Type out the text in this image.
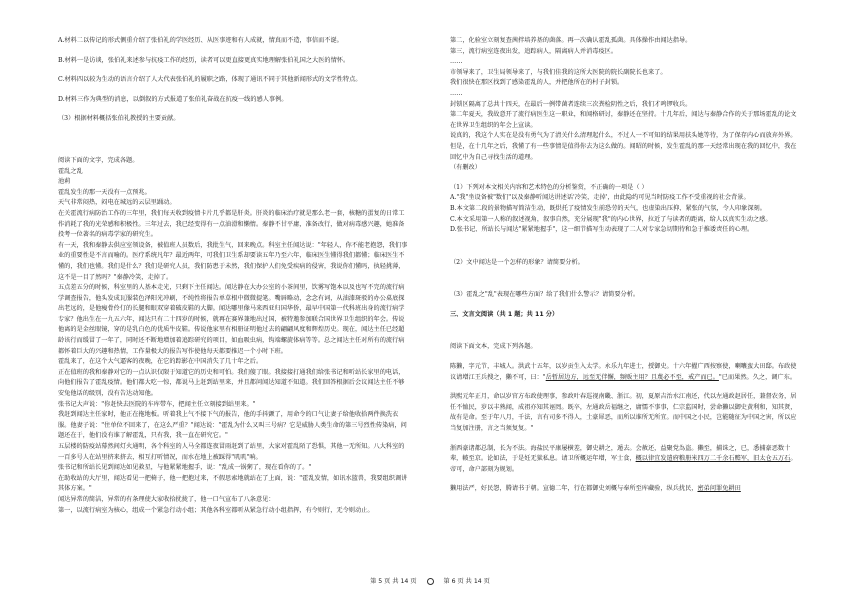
A.材料二以传记的形式侧重介绍了张伯礼的学医经历、从医事迹和有人成就，情真而不造，事信而不诞。

B.材料一是访谈，张伯礼来述参与抗疫工作的经历，读者可以更直接更真实地理解张伯礼国之大医的情怀。

C.材料四以较为生动的语言介绍了人大代表张伯礼的履职之路，体现了通讯不同于其他新闻形式的文学性特点。

D.材料三作为典型的消息，以倒叙的方式报道了张伯礼奋战在抗疫一线的感人事例。

（3）根据材料概括张伯礼教授的主要贡献。

阅读下面的文字，完成各题。

霍乱之乱

池莉

霍乱发生的那一天没有一点预兆。

天气非常闷热，闷电在城远的云层里踊动。

在关霍流行病防治工作的三年里，我们每天收到疫情卡片几乎都是肝炎。肝炎的临床治疗就是那么老一套，核糖的蛋复的日常工作消耗了我的光荣感和积极性。三年过去，我已经变得有一点油滑和懒惰。秦静不甘平庸，准备改行，做对病毒感兴趣，她准备投考一位著名的病毒学家的研究生。

有一天，我和秦静去供应室领设备，被值班人员数后，我批生气，回来晚点。科室主任闻达说："年轻人，你不能老抱怨，我们事业的重要性是不言而喻的。医疗系统凡年？最近两年，可我们卫生系却要读五年乃至六年，临床医生懂得我们都懂；临床医生不懂的，我们也懂。我们是什么？我们是研究人员，我们防患于未然，我们保护人们免受疾病的侵害，我说你们懂吗，执轻挑薄，这不是一目了然吗？"秦静冷笑，走掉了。

五点差五分的时候，科室里的人基本走光，只剩下主任闻达。闻达静在大办公室的小茶间里，饮雾写饱本以及也写不完的流行病学调查报告，他头发成瓦服装色泽阳光冲刷，不纯性将报告单草根中微微提笔。嘴唇略动，念念有词，从油漆斑驳的办公桌底探出老远的，是他瘦骨伶仃的长腿和眼双穿着破皮鞋的大脚。闻达哪里像马来西亚归国华侨，最早中国第一代科班出身的流行病学专家？他出生在一九五六年，闻达只有二十四岁的时候，就再在赛界兼地出过国，被特邀参加联合国世界卫生组织的年会。传说他离的是金丝眼镜，穿的是乳白色的优质牛皮鞋。传说他家里有相册证明他过去的翩翩风度和辉煌历史。现在，闻达主任已经超龄该行而缓冒了一年了，同时还不断地增加着追踪研究的项目，如血吸虫病，钩端螺旋体病等等。总之闻达主任对所有的流行病都怀着巨大的兴趣和热情，工作量极大的报告写作使他每天都要推迟一个小时下班。

霍乱来了，在这个大气逼客的夜晚，在它的踪影在中国消失了几十年之后。

正在值班的我和秦静对它的一点认识仅限于知道它的历史和可怕。我们傻了眼。我接接打通我们给张书记和听站长家里的电话，向他们报告了霍乱疫情。他们都大吃一惊，都说马上赶到站里来，并且都问闻达知道不知道。我们回答根据后会议闻达主任不够安兔他话的级别，没有告达动知他。

张书记大声说："你赶快去医院的车库带车，把闻主任立刻接到站里来。"

我赶到闻达主任家时，他正在拖地板。听着我上气不接下气的报告，他的手抖颤了，用命令的口气让妻子给他收拾两件换洗衣服。他妻子说："住单位不回来了，在这么严重？"闻达说："霍乱为什么又叫三号病？它是威胁人类生命的第三号烈性传染病，问题还在于，他们没有谁了解霍乱，只有我，我一直在研究它。"

五层楼的防疫站幕然间灯火通明，各个科室的人马全都连夜冒雨赶到了站里，大家对霍乱陌了恐惧，其他一无所知。八大科室的一百多号人在站里挤来挤去，相互打听情况，而水在地上被踩得"叽叽"响。

张书记和所站长见到闻达如见救星，与他紧紧地握手，说："乱成一锅粥了，现在看你的了。"

在助收站的大厅里，闻达看见一把椅子，他一把抱过来，不假思索地就站在了上面，说："霍乱发情，如讯水篮兽，我要组织调讲其体方案。"

闻达异常的简洁，异常的有条理使大家收拾扰拢了，他一口气宣布了八条意见：

第一，以流行病室为核心，组成一个紧急行动小组；其他各科室都听从紧急行动小组指挥，有令则行，无令则动止。

第二，化验室立刻复查茜拌培养基的菌落。再一次确认霍乱孤菌。具体操作由闻达指导。

第三，流行病室连夜出发，追踪病人，隔离病人并消毒疫区。

……

市领导来了，卫生局领导来了，与我们佳我的这所大医院的院长副院长也来了。

我们很快在那区找到了感染霍乱的人，并把他所在的村子封锁。

……

封锁区隔离了总共十四天，在最后一例带菌者连续三次粪检阴性之后，我们才鸣锣收兵。

第二年夏天，我故意开了流行病医生这一职业，和闻格研讨，秦静还在坚持。十几年后，闻达与秦静合作的关于那场霍乱的论文在世界卫生组织的年会上宣读。

说真的，我这个人实在是没有勇气为了清关什么清理起什么，不过人一不可知的结果用扶头她等待，为了保存内心而放弃外界。但是，在十几年之后，我懂了有一些事情是值得你去为这么做的。闻昭的时候，发生霍乱的那一天经常出现在我的回忆中，我在回忆中为自己寻找生活的道理。

（有删改）

（1）下列对本文相关内容和艺术特色的分析鉴赏，不正确的一项是（ ）

A."我"坐设备被"数们"以及秦静听闻达讲述话'冷笑，走掉'，由此隐约可见当时防疫工作不受重视的社会背景。

B.本文第二段的景物描写简洁生动，既烘托了疫情发生前恐劳的天气，也虚染出压抑、紧张的气氛，令人印象深刻。

C.本文采用第一人称的叙述视角，叙事自然，充分展现"我"的内心世界，拉近了与读者的距离，给人以真实生动之感。

D.张书记、所站长与闻达"紧紧地握手"，这一细节描写生动表现了二人对专家急切期待和急于推诿责任的心理。

（2）文中闻达是一个怎样的形象？请简要分析。

（3）霍乱之"乱"表现在哪些方面？给了我们什么警示？请简要分析。

三、文言文阅读（共 1 题；共 11 分）

阅读下面文本，完成下列各题。

陈獭，字元节，丰城人。洪武十五年，以岁贡生入太学。永乐九年进士，授御史。十六年擢广西按察使，喇囔蛮大田邸。布政使议请增江王兵搜之，獭不可，曰："岳暂居边方，远至无伴懈，频贩主用？且蔑必不至，戒产而已。"已而果然。久之，调广东。

洪熙元年正月，命以岁官方布政使理事，参政叶春巡视南畿、浙江。初，夏原吉治水江南还，代以左通政赵居任，兼督农务，居任不恤民，岁以丰熟闻，成祖亦知其诬罔。既卒，左通政岳福继之，庸懦不事事，仁宗监国时，尝命獭以御史黄利和，知其贤，故有是命。至于年八月，千法，言有司多不得人，土豪犀恶，而所以谁所无所宜。而中国之小民，岂能随征为中国之害，所以应当复加注册，言之当须复复。"

浙西豪诸都总制，长为不法。海盐民平康屡横差，御史耕之，遁去。会赦还，益聚党為盗。獭至，捕诛之，已，悉捕豪恶数十辈，帔至京。论如法，于是妊无狱私息。请卫所概运年增，军士食，概以律宜发遣府粮册米四万二千余石赡军，旧太仓五万石。帝可，命户部刻为规划。

獭用法严，好民怨，腾请书于朝。宣德二年，行在都御史刘概与奉所至库藏验，纵兵扰民，密弟问罪免耕田

第 5 页 共 14 页	第 6 页 共 14 页
